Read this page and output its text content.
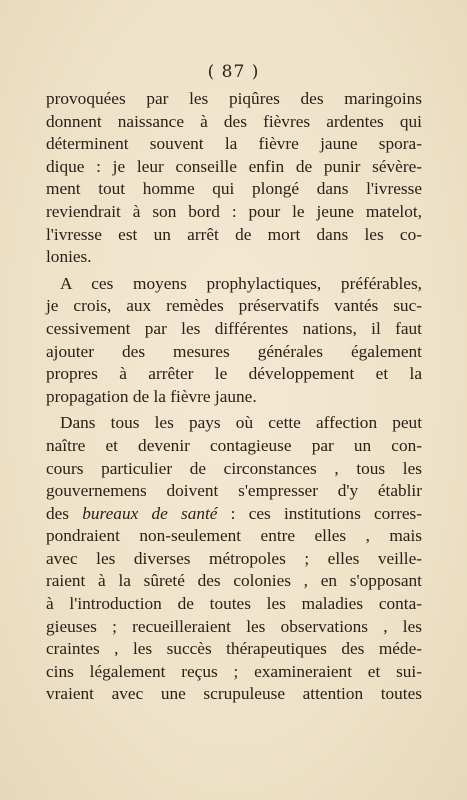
( 87 )
provoquées par les piqûres des maringoins
donnent naissance à des fièvres ardentes qui
déterminent souvent la fièvre jaune spora-
dique : je leur conseille enfin de punir sévère-
ment tout homme qui plongé dans l'ivresse
reviendrait à son bord : pour le jeune matelot,
l'ivresse est un arrêt de mort dans les co-
lonies.
A ces moyens prophylactiques, préférables,
je crois, aux remèdes préservatifs vantés suc-
cessivement par les différentes nations, il faut
ajouter des mesures générales également
propres à arrêter le développement et la
propagation de la fièvre jaune.
Dans tous les pays où cette affection peut
naître et devenir contagieuse par un con-
cours particulier de circonstances , tous les
gouvernemens doivent s'empresser d'y établir
des bureaux de santé : ces institutions corres-
pondraient non-seulement entre elles , mais
avec les diverses métropoles ; elles veille-
raient à la sûreté des colonies , en s'opposant
à l'introduction de toutes les maladies conta-
gieuses ; recueilleraient les observations , les
craintes , les succès thérapeutiques des méde-
cins légalement reçus ; examineraient et sui-
vraient avec une scrupuleuse attention toutes
